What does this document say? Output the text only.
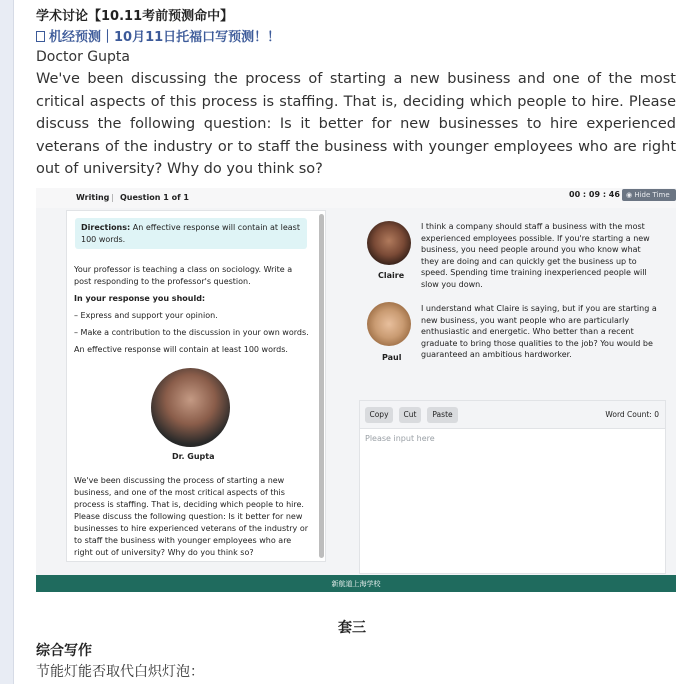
学术讨论【10.11考前预测命中】
机经预测｜10月11日托福口写预测！！
Doctor Gupta
We've been discussing the process of starting a new business and one of the most critical aspects of this process is staffing. That is, deciding which people to hire. Please discuss the following question: Is it better for new businesses to hire experienced veterans of the industry or to staff the business with younger employees who are right out of university? Why do you think so?
Writing | Question 1 of 1	00 : 09 : 46 ◉ Hide Time
Directions: An effective response will contain at least 100 words.
Your professor is teaching a class on sociology. Write a post responding to the professor's question.
In your response you should:
– Express and support your opinion.
– Make a contribution to the discussion in your own words.
An effective response will contain at least 100 words.
Dr. Gupta
We've been discussing the process of starting a new business, and one of the most critical aspects of this process is staffing. That is, deciding which people to hire. Please discuss the following question: Is it better for new businesses to hire experienced veterans of the industry or to staff the business with younger employees who are right out of university? Why do you think so?
Claire
I think a company should staff a business with the most experienced employees possible. If you're starting a new business, you need people around you who know what they are doing and can quickly get the business up to speed. Spending time training inexperienced people will slow you down.
Paul
I understand what Claire is saying, but if you are starting a new business, you want people who are particularly enthusiastic and energetic. Who better than a recent graduate to bring those qualities to the job? You would be guaranteed an ambitious hardworker.
Copy	Cut	Paste	Word Count: 0
Please input here
新航道上海学校
套三
综合写作
节能灯能否取代白炽灯泡：
